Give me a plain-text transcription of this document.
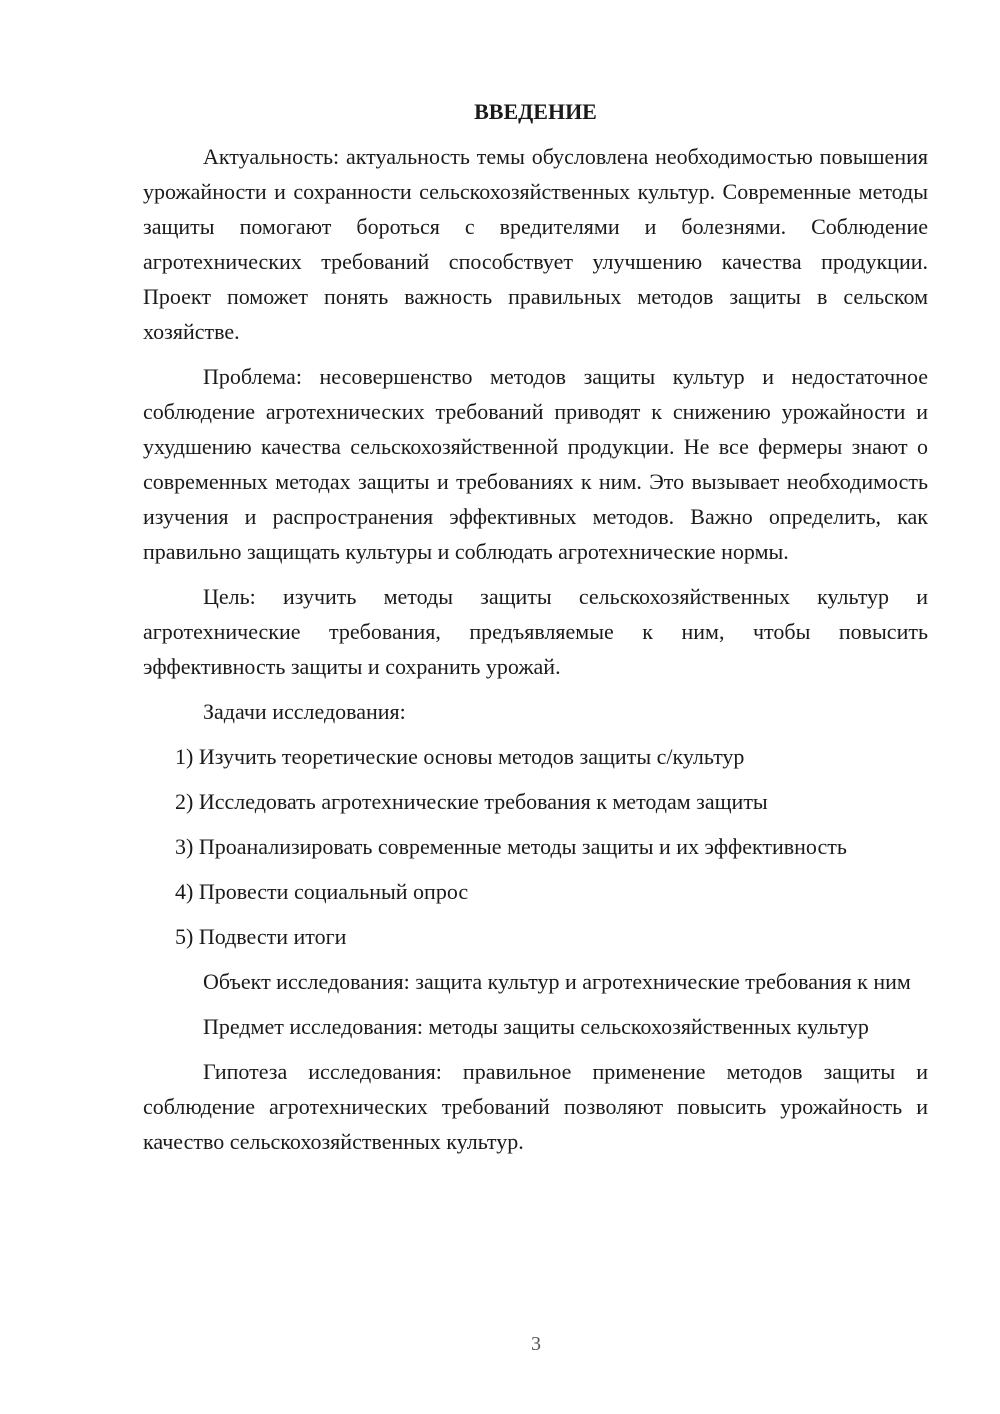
ВВЕДЕНИЕ

Актуальность: актуальность темы обусловлена необходимостью повышения урожайности и сохранности сельскохозяйственных культур. Современные методы защиты помогают бороться с вредителями и болезнями. Соблюдение агротехнических требований способствует улучшению качества продукции. Проект поможет понять важность правильных методов защиты в сельском хозяйстве.

Проблема: несовершенство методов защиты культур и недостаточное соблюдение агротехнических требований приводят к снижению урожайности и ухудшению качества сельскохозяйственной продукции. Не все фермеры знают о современных методах защиты и требованиях к ним. Это вызывает необходимость изучения и распространения эффективных методов. Важно определить, как правильно защищать культуры и соблюдать агротехнические нормы.

Цель: изучить методы защиты сельскохозяйственных культур и агротехнические требования, предъявляемые к ним, чтобы повысить эффективность защиты и сохранить урожай.

Задачи исследования:

1) Изучить теоретические основы методов защиты с/культур

2) Исследовать агротехнические требования к методам защиты

3) Проанализировать современные методы защиты и их эффективность

4) Провести социальный опрос

5) Подвести итоги

Объект исследования: защита культур и агротехнические требования к ним

Предмет исследования: методы защиты сельскохозяйственных культур

Гипотеза исследования: правильное применение методов защиты и соблюдение агротехнических требований позволяют повысить урожайность и качество сельскохозяйственных культур.

3
